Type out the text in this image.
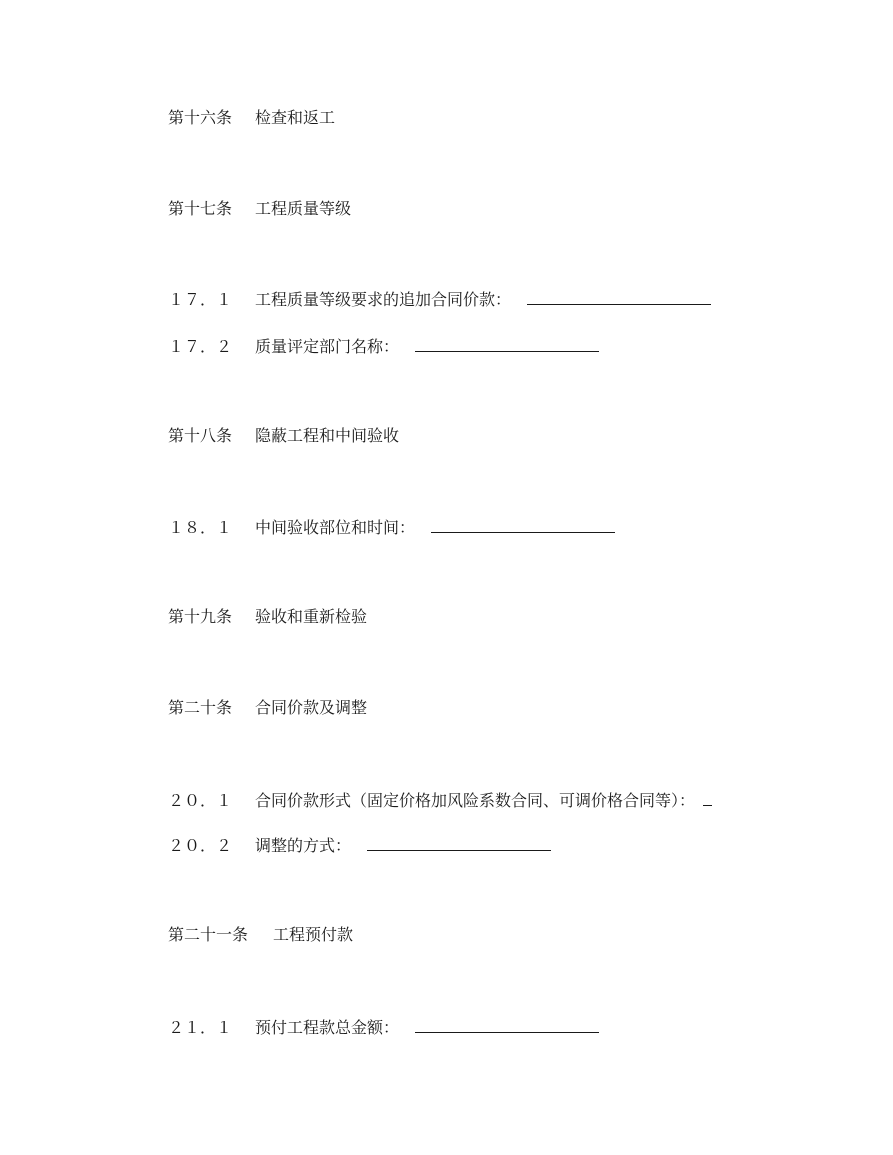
第十六条 检查和返工
第十七条 工程质量等级
１７．１ 工程质量等级要求的追加合同价款：
１７．２ 质量评定部门名称：
第十八条 隐蔽工程和中间验收
１８．１ 中间验收部位和时间：
第十九条 验收和重新检验
第二十条 合同价款及调整
２０．１ 合同价款形式（固定价格加风险系数合同、可调价格合同等）：
２０．２ 调整的方式：
第二十一条 工程预付款
２１．１ 预付工程款总金额：
